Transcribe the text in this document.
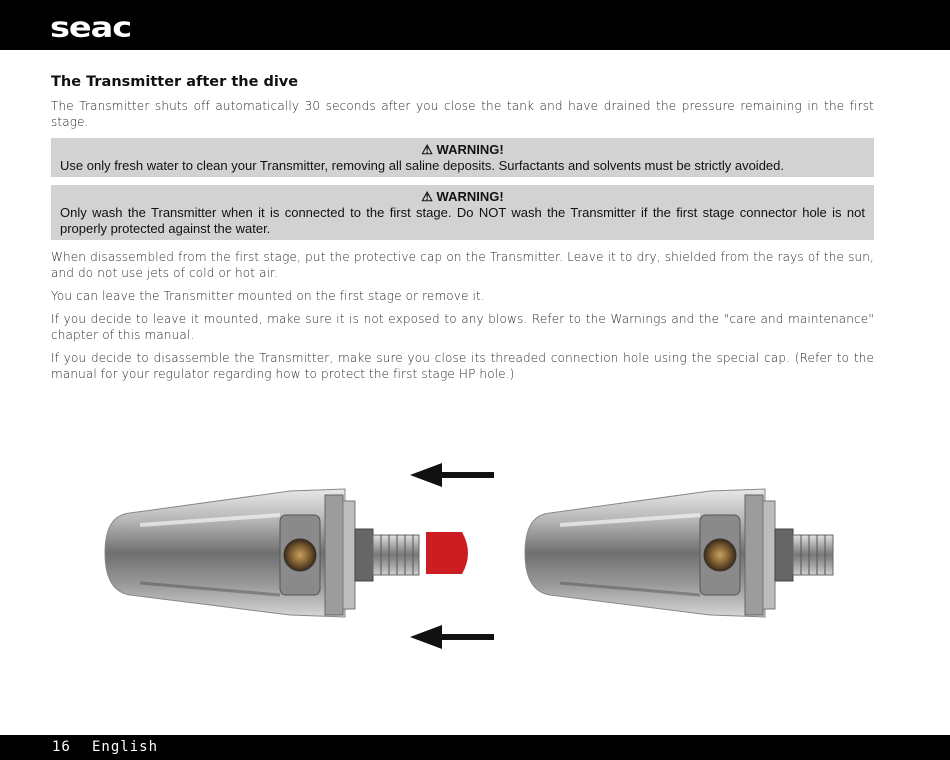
seac
The Transmitter after the dive

The Transmitter shuts off automatically 30 seconds after you close the tank and have drained the pressure remaining in the first stage.

⚠ WARNING!
Use only fresh water to clean your Transmitter, removing all saline deposits. Surfactants and solvents must be strictly avoided.
⚠ WARNING!
Only wash the Transmitter when it is connected to the first stage. Do NOT wash the Transmitter if the first stage connector hole is not properly protected against the water.

When disassembled from the first stage, put the protective cap on the Transmitter. Leave it to dry, shielded from the rays of the sun, and do not use jets of cold or hot air.

You can leave the Transmitter mounted on the first stage or remove it.

If you decide to leave it mounted, make sure it is not exposed to any blows. Refer to the Warnings and the "care and maintenance" chapter of this manual.

If you decide to disassemble the Transmitter, make sure you close its threaded connection hole using the special cap. (Refer to the manual for your regulator regarding how to protect the first stage HP hole.)

16 English
